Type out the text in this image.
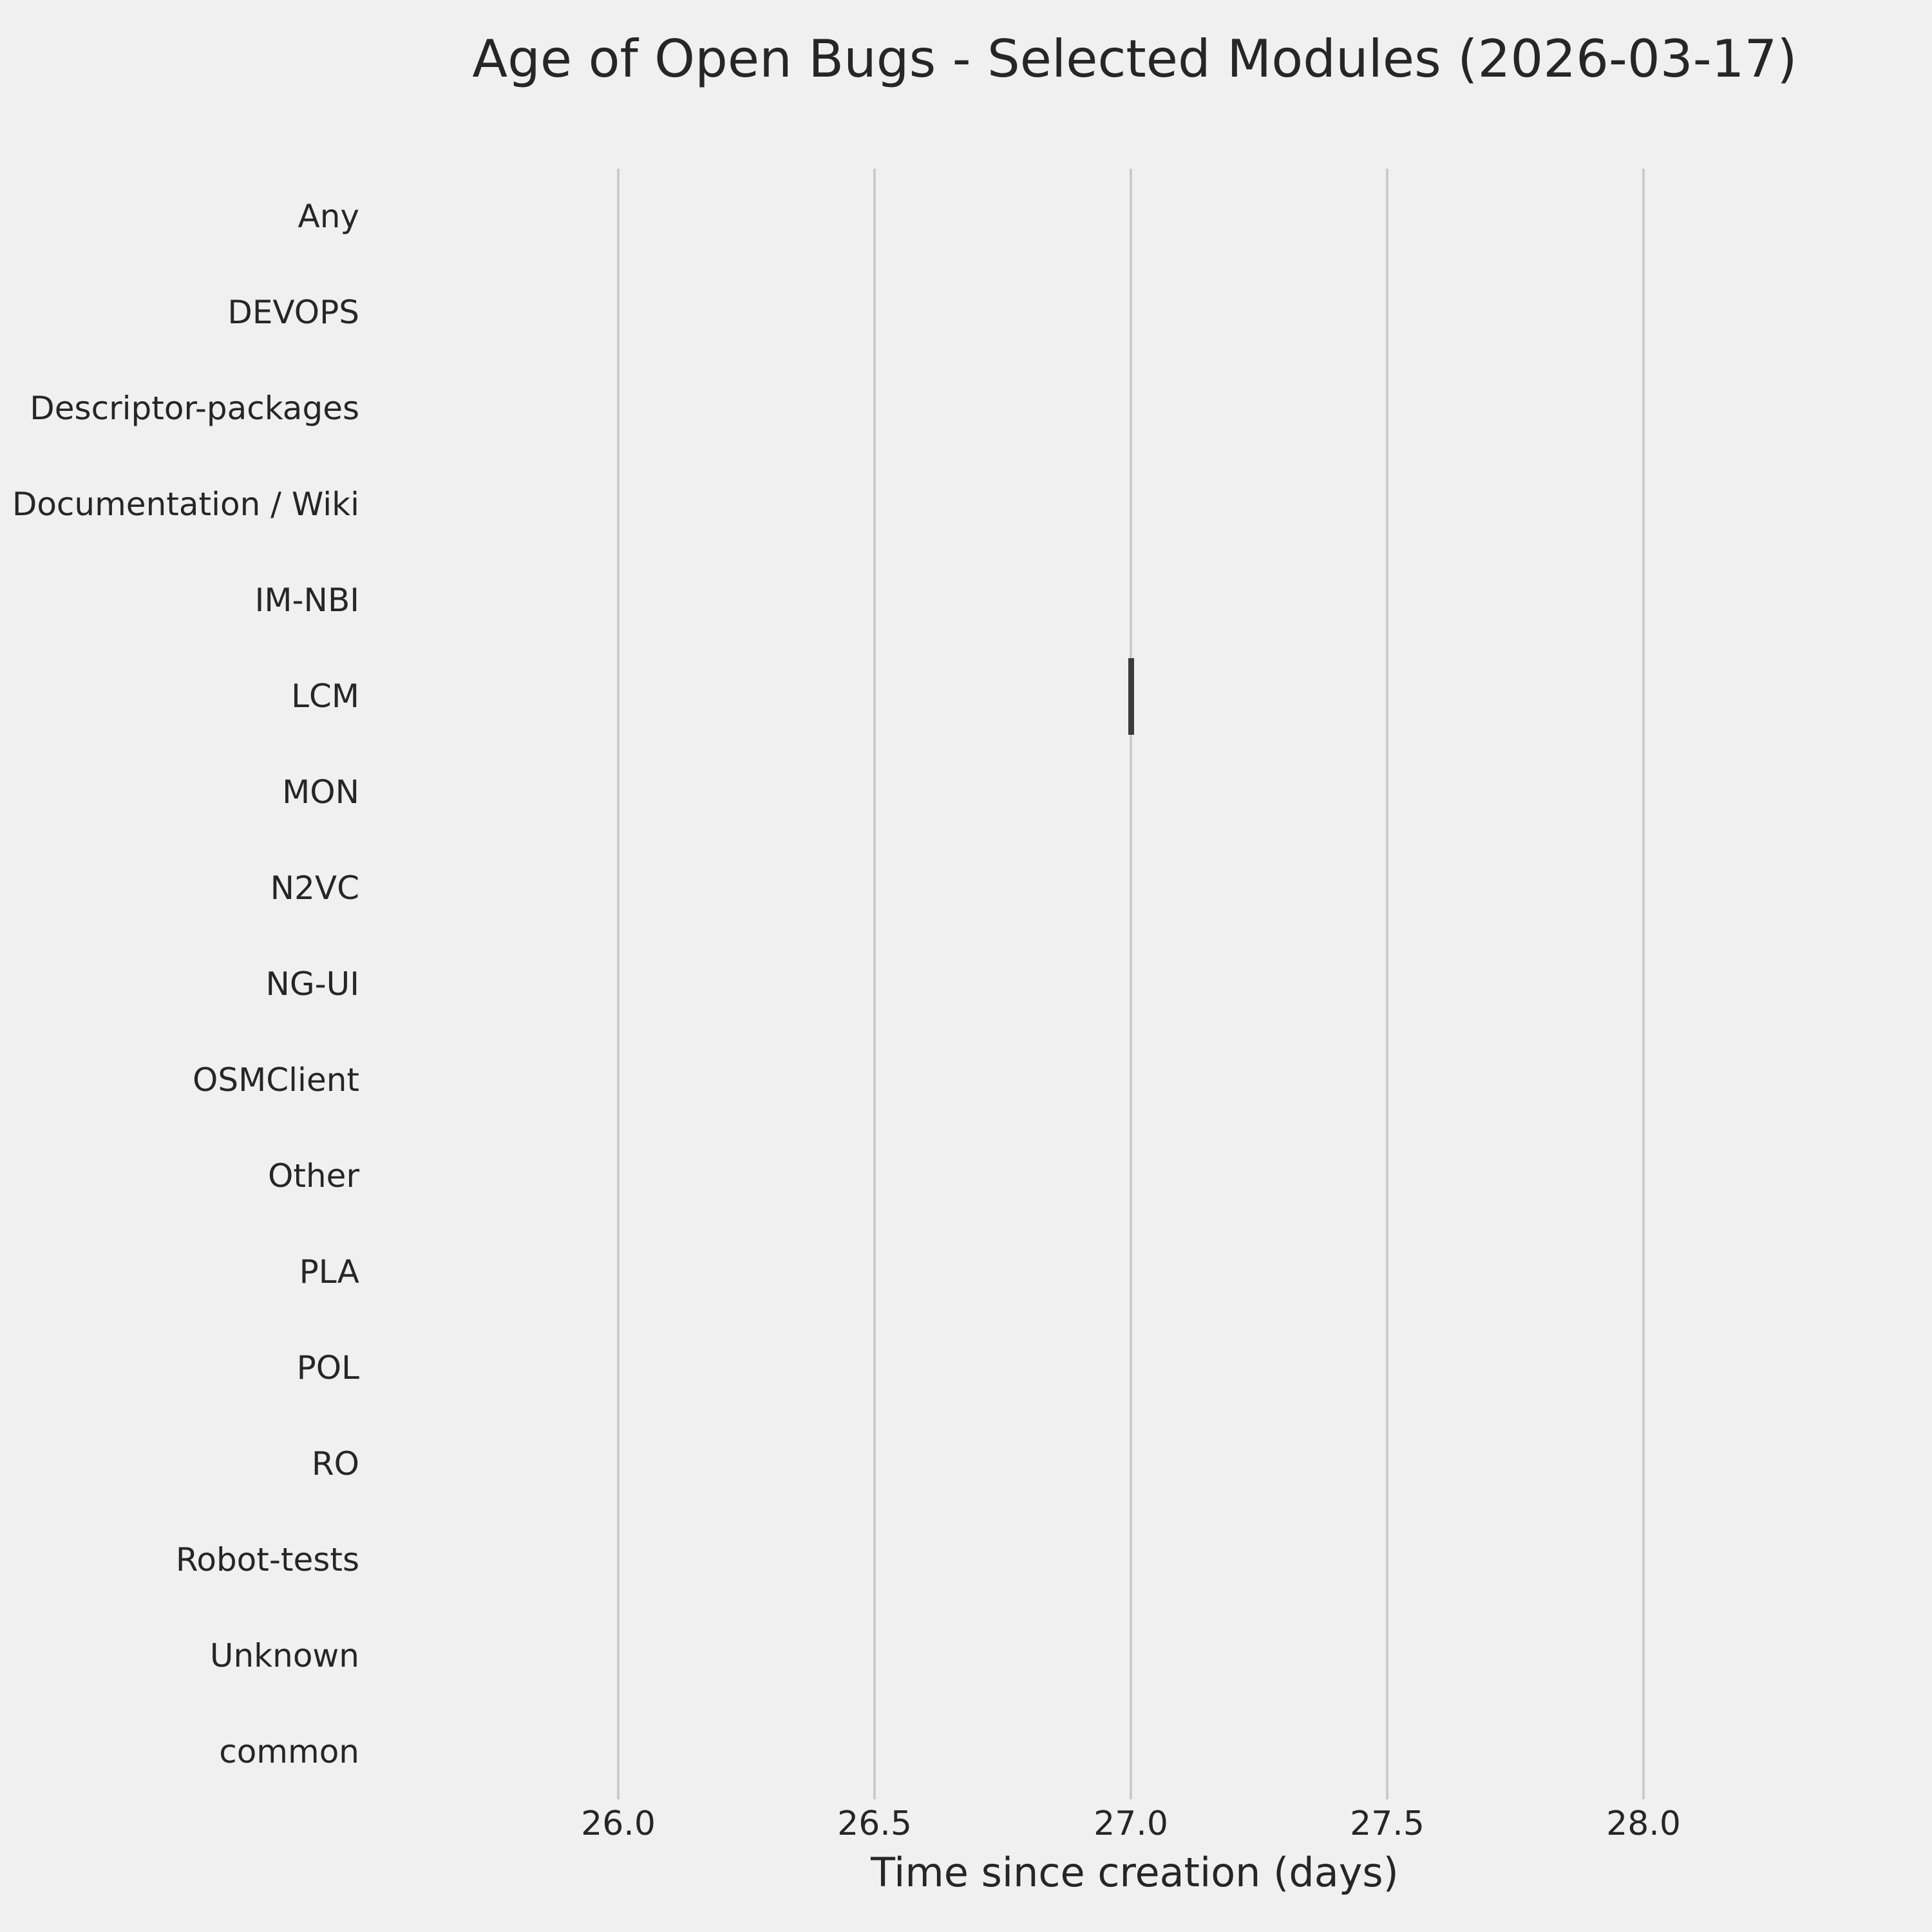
Age of Open Bugs - Selected Modules (2026-03-17)
Time since creation (days)
26.0	26.5	27.0	27.5	28.0
Any
DEVOPS
Descriptor-packages
Documentation / Wiki
IM-NBI
LCM
MON
N2VC
NG-UI
OSMClient
Other
PLA
POL
RO
Robot-tests
Unknown
common
